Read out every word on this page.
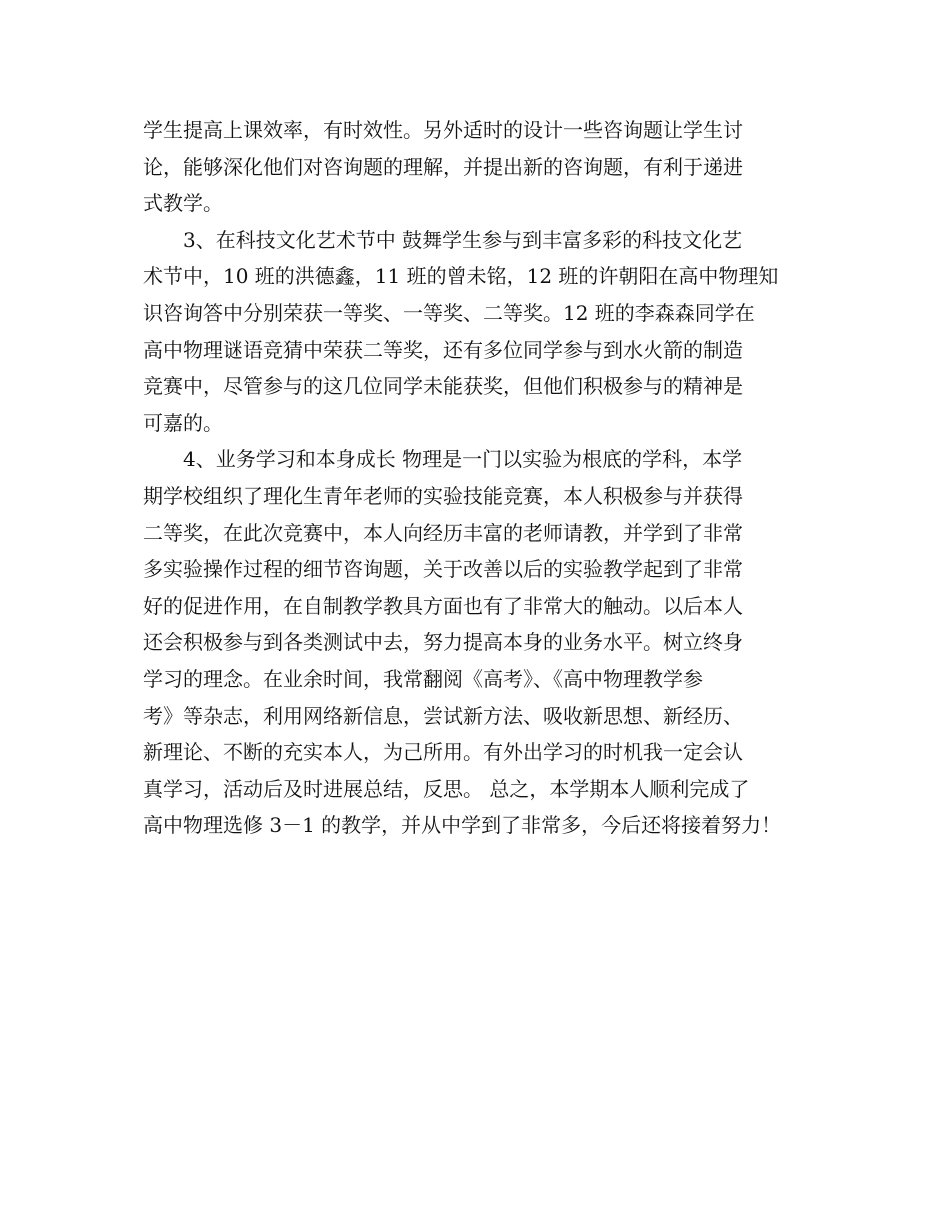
学生提高上课效率，有时效性。另外适时的设计一些咨询题让学生讨
论，能够深化他们对咨询题的理解，并提出新的咨询题，有利于递进
式教学。
　　3、在科技文化艺术节中 鼓舞学生参与到丰富多彩的科技文化艺
术节中，10 班的洪德鑫，11 班的曾未铭，12 班的许朝阳在高中物理知
识咨询答中分别荣获一等奖、一等奖、二等奖。12 班的李森森同学在
高中物理谜语竞猜中荣获二等奖，还有多位同学参与到水火箭的制造
竞赛中，尽管参与的这几位同学未能获奖，但他们积极参与的精神是
可嘉的。
　　4、业务学习和本身成长 物理是一门以实验为根底的学科，本学
期学校组织了理化生青年老师的实验技能竞赛，本人积极参与并获得
二等奖，在此次竞赛中，本人向经历丰富的老师请教，并学到了非常
多实验操作过程的细节咨询题，关于改善以后的实验教学起到了非常
好的促进作用，在自制教学教具方面也有了非常大的触动。以后本人
还会积极参与到各类测试中去，努力提高本身的业务水平。树立终身
学习的理念。在业余时间，我常翻阅《高考》、《高中物理教学参
考》等杂志，利用网络新信息，尝试新方法、吸收新思想、新经历、
新理论、不断的充实本人，为己所用。有外出学习的时机我一定会认
真学习，活动后及时进展总结，反思。 总之，本学期本人顺利完成了
高中物理选修 3－1 的教学，并从中学到了非常多，今后还将接着努力！
